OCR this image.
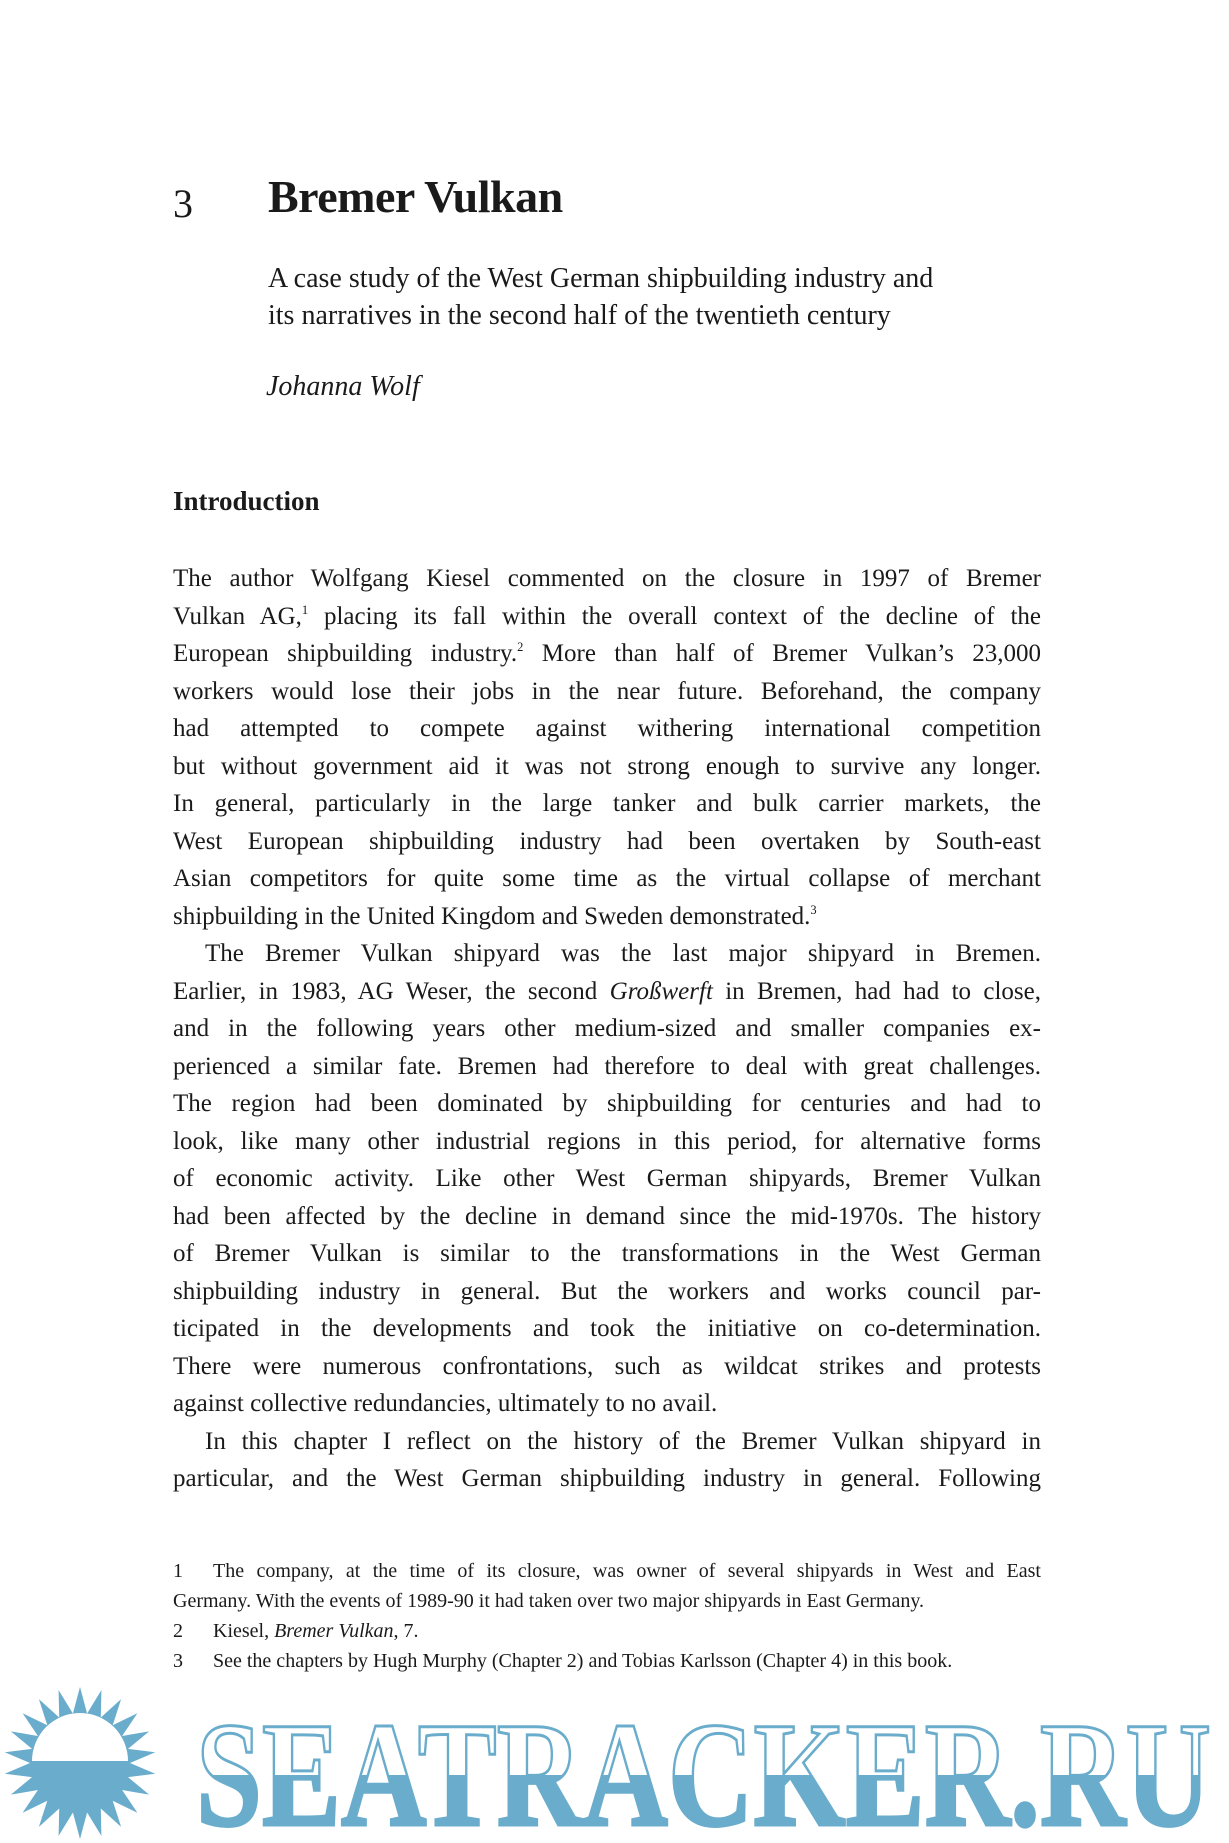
3 Bremer Vulkan
A case study of the West German shipbuilding industry and
its narratives in the second half of the twentieth century
Johanna Wolf
Introduction
The author Wolfgang Kiesel commented on the closure in 1997 of Bremer
Vulkan AG,$^1$ placing its fall within the overall context of the decline of the
European shipbuilding industry.$^2$ More than half of Bremer Vulkan’s 23,000
workers would lose their jobs in the near future. Beforehand, the company
had attempted to compete against withering international competition
but without government aid it was not strong enough to survive any longer.
In general, particularly in the large tanker and bulk carrier markets, the
West European shipbuilding industry had been overtaken by South-east
Asian competitors for quite some time as the virtual collapse of merchant
shipbuilding in the United Kingdom and Sweden demonstrated.$^3$
The Bremer Vulkan shipyard was the last major shipyard in Bremen.
Earlier, in 1983, AG Weser, the second Großwerft in Bremen, had had to close,
and in the following years other medium-sized and smaller companies ex-
perienced a similar fate. Bremen had therefore to deal with great challenges.
The region had been dominated by shipbuilding for centuries and had to
look, like many other industrial regions in this period, for alternative forms
of economic activity. Like other West German shipyards, Bremer Vulkan
had been affected by the decline in demand since the mid-1970s. The history
of Bremer Vulkan is similar to the transformations in the West German
shipbuilding industry in general. But the workers and works council par-
ticipated in the developments and took the initiative on co-determination.
There were numerous confrontations, such as wildcat strikes and protests
against collective redundancies, ultimately to no avail.
In this chapter I reflect on the history of the Bremer Vulkan shipyard in
particular, and the West German shipbuilding industry in general. Following
1 The company, at the time of its closure, was owner of several shipyards in West and East
Germany. With the events of 1989-90 it had taken over two major shipyards in East Germany.
2 Kiesel, Bremer Vulkan, 7.
3 See the chapters by Hugh Murphy (Chapter 2) and Tobias Karlsson (Chapter 4) in this book.
SEATRACKER.RU
